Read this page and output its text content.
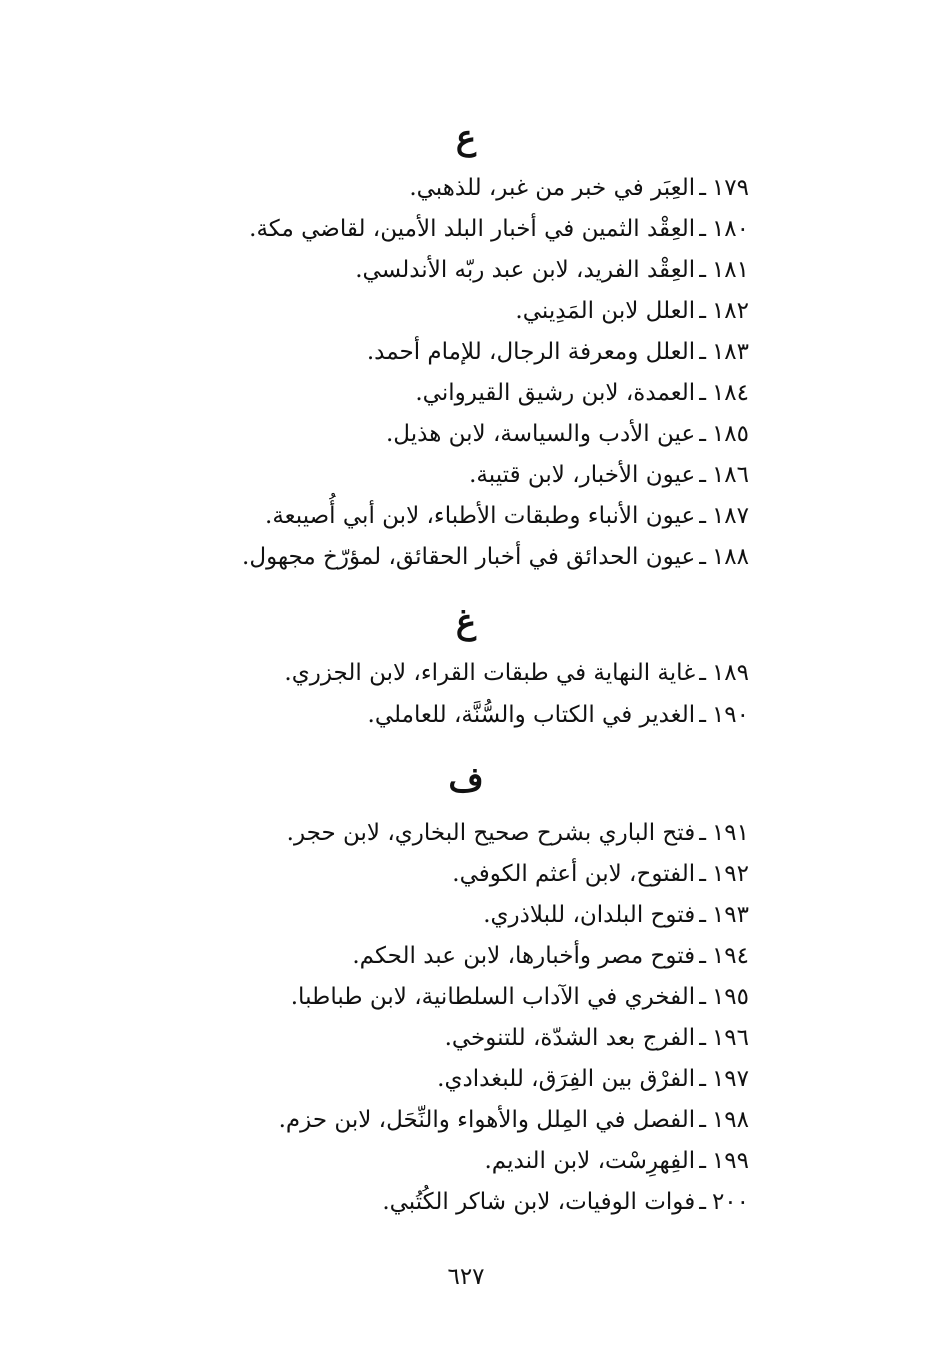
ع
١٧٩ـالعِبَر في خبر من غبر، للذهبي.
١٨٠ـالعِقْد الثمين في أخبار البلد الأمين، لقاضي مكة.
١٨١ـالعِقْد الفريد، لابن عبد ربّه الأندلسي.
١٨٢ـالعلل لابن المَدِيني.
١٨٣ـالعلل ومعرفة الرجال، للإمام أحمد.
١٨٤ـالعمدة، لابن رشيق القيرواني.
١٨٥ـعين الأدب والسياسة، لابن هذيل.
١٨٦ـعيون الأخبار، لابن قتيبة.
١٨٧ـعيون الأنباء وطبقات الأطباء، لابن أبي أُصيبعة.
١٨٨ـعيون الحدائق في أخبار الحقائق، لمؤرّخ مجهول.
غ
١٨٩ـغاية النهاية في طبقات القراء، لابن الجزري.
١٩٠ـالغدير في الكتاب والسُّنَّة، للعاملي.
ف
١٩١ـفتح الباري بشرح صحيح البخاري، لابن حجر.
١٩٢ـالفتوح، لابن أعثم الكوفي.
١٩٣ـفتوح البلدان، للبلاذري.
١٩٤ـفتوح مصر وأخبارها، لابن عبد الحكم.
١٩٥ـالفخري في الآداب السلطانية، لابن طباطبا.
١٩٦ـالفرج بعد الشدّة، للتنوخي.
١٩٧ـالفرْق بين الفِرَق، للبغدادي.
١٩٨ـالفصل في المِلل والأهواء والنِّحَل، لابن حزم.
١٩٩ـالفِهرِسْت، لابن النديم.
٢٠٠ـفوات الوفيات، لابن شاكر الكُتُبي.
٦٢٧
